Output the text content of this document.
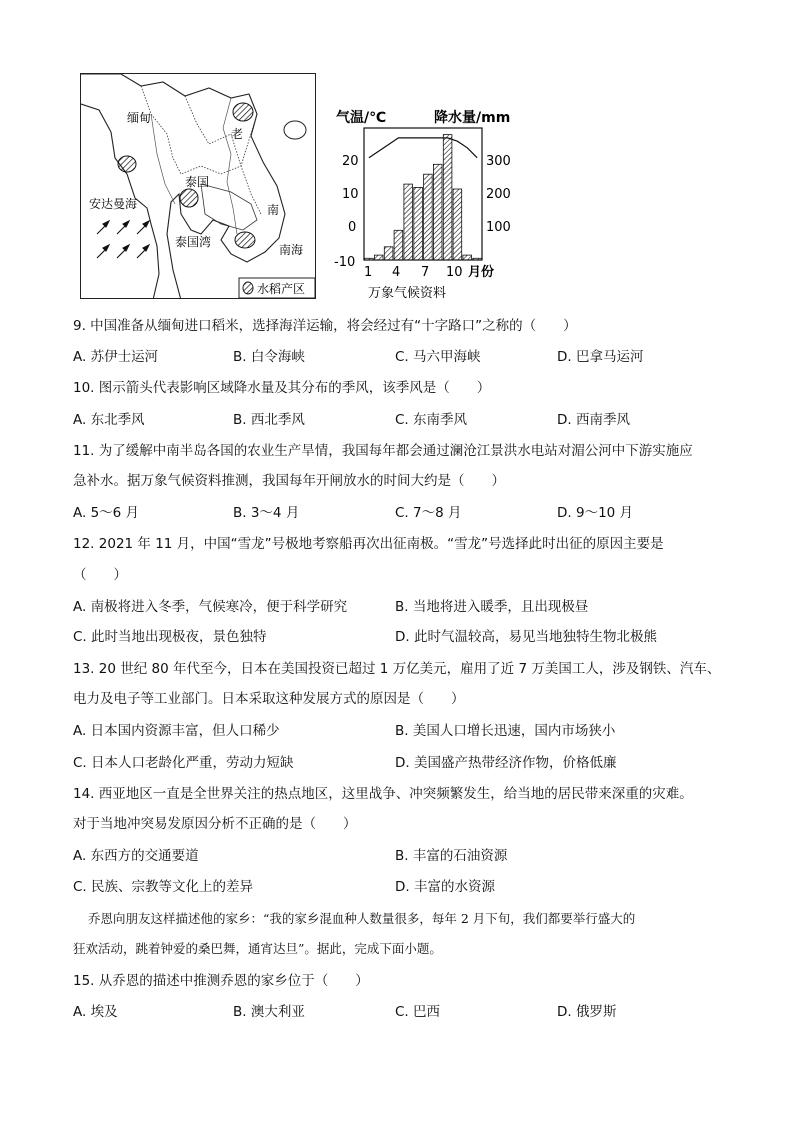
缅甸
老
泰国
安达曼海
泰国湾
南
南海
水稻产区
气温/℃	降水量/mm
20
10
0
-10
300
200
100
1 4 7 10 月份
万象气候资料
9. 中国准备从缅甸进口稻米，选择海洋运输，将会经过有“十字路口”之称的（　　）
A. 苏伊士运河	B. 白令海峡	C. 马六甲海峡	D. 巴拿马运河
10. 图示箭头代表影响区域降水量及其分布的季风，该季风是（　　）
A. 东北季风	B. 西北季风	C. 东南季风	D. 西南季风
11. 为了缓解中南半岛各国的农业生产旱情，我国每年都会通过澜沧江景洪水电站对湄公河中下游实施应
急补水。据万象气候资料推测，我国每年开闸放水的时间大约是（　　）
A. 5～6 月	B. 3～4 月	C. 7～8 月	D. 9～10 月
12. 2021 年 11 月，中国“雪龙”号极地考察船再次出征南极。“雪龙”号选择此时出征的原因主要是
（　　）
A. 南极将进入冬季，气候寒冷，便于科学研究	B. 当地将进入暖季，且出现极昼
C. 此时当地出现极夜，景色独特	D. 此时气温较高，易见当地独特生物北极熊
13. 20 世纪 80 年代至今，日本在美国投资已超过 1 万亿美元，雇用了近 7 万美国工人，涉及钢铁、汽车、
电力及电子等工业部门。日本采取这种发展方式的原因是（　　）
A. 日本国内资源丰富，但人口稀少	B. 美国人口增长迅速，国内市场狭小
C. 日本人口老龄化严重，劳动力短缺	D. 美国盛产热带经济作物，价格低廉
14. 西亚地区一直是全世界关注的热点地区，这里战争、冲突频繁发生，给当地的居民带来深重的灾难。
对于当地冲突易发原因分析不正确的是（　　）
A. 东西方的交通要道	B. 丰富的石油资源
C. 民族、宗教等文化上的差异	D. 丰富的水资源
乔恩向朋友这样描述他的家乡：“我的家乡混血种人数量很多，每年 2 月下旬，我们都要举行盛大的
狂欢活动，跳着钟爱的桑巴舞，通宵达旦”。据此，完成下面小题。
15. 从乔恩的描述中推测乔恩的家乡位于（　　）
A. 埃及	B. 澳大利亚	C. 巴西	D. 俄罗斯
